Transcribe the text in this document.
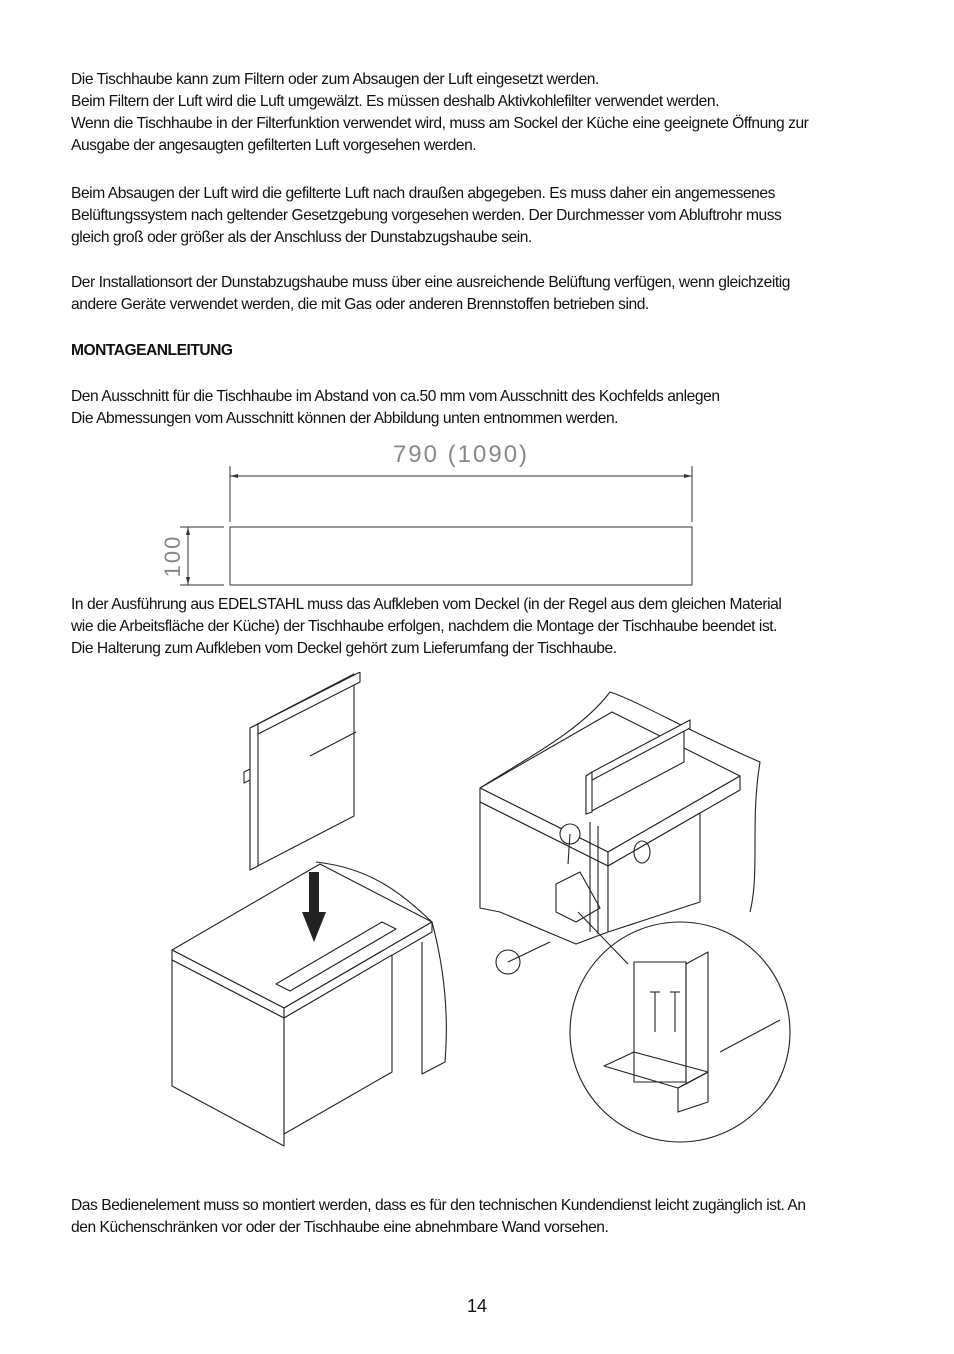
Die Tischhaube kann zum Filtern oder zum Absaugen der Luft eingesetzt werden.
Beim Filtern der Luft wird die Luft umgewälzt. Es müssen deshalb Aktivkohlefilter verwendet werden.
Wenn die Tischhaube in der Filterfunktion verwendet wird, muss am Sockel der Küche eine geeignete Öffnung zur
Ausgabe der angesaugten gefilterten Luft vorgesehen werden.

Beim Absaugen der Luft wird die gefilterte Luft nach draußen abgegeben. Es muss daher ein angemessenes
Belüftungssystem nach geltender Gesetzgebung vorgesehen werden. Der Durchmesser vom Abluftrohr muss
gleich groß oder größer als der Anschluss der Dunstabzugshaube sein.

Der Installationsort der Dunstabzugshaube muss über eine ausreichende Belüftung verfügen, wenn gleichzeitig
andere Geräte verwendet werden, die mit Gas oder anderen Brennstoffen betrieben sind.

MONTAGEANLEITUNG

Den Ausschnitt für die Tischhaube im Abstand von ca.50 mm vom Ausschnitt des Kochfelds anlegen
Die Abmessungen vom Ausschnitt können der Abbildung unten entnommen werden.

790 (1090)
100

In der Ausführung aus EDELSTAHL muss das Aufkleben vom Deckel (in der Regel aus dem gleichen Material
wie die Arbeitsfläche der Küche) der Tischhaube erfolgen, nachdem die Montage der Tischhaube beendet ist.
Die Halterung zum Aufkleben vom Deckel gehört zum Lieferumfang der Tischhaube.

Das Bedienelement muss so montiert werden, dass es für den technischen Kundendienst leicht zugänglich ist. An
den Küchenschränken vor oder der Tischhaube eine abnehmbare Wand vorsehen.

14
